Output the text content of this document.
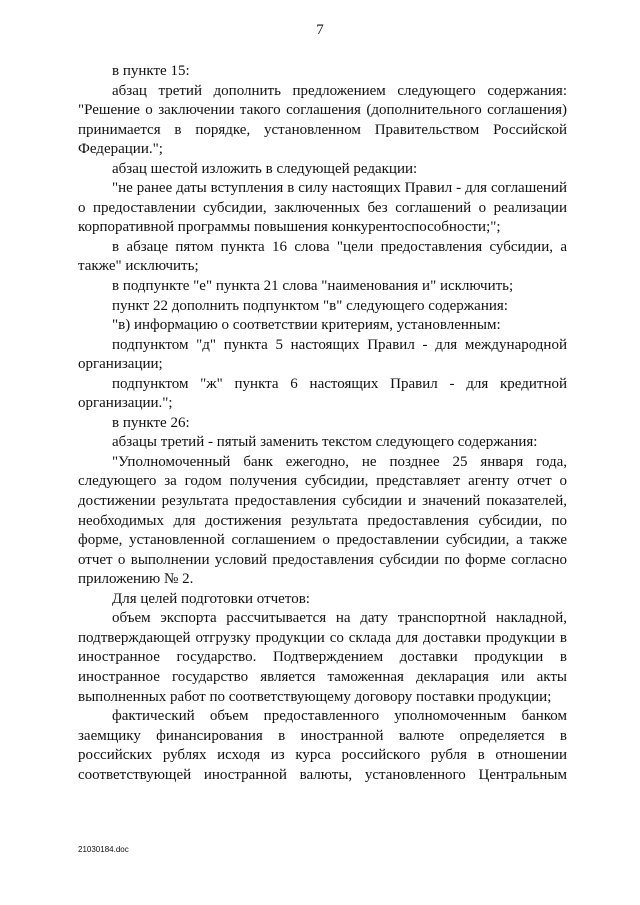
7

в пункте 15:

абзац третий дополнить предложением следующего содержания: "Решение о заключении такого соглашения (дополнительного соглашения) принимается в порядке, установленном Правительством Российской Федерации.";

абзац шестой изложить в следующей редакции:

"не ранее даты вступления в силу настоящих Правил - для соглашений о предоставлении субсидии, заключенных без соглашений о реализации корпоративной программы повышения конкурентоспособности;";

в абзаце пятом пункта 16 слова "цели предоставления субсидии, а также" исключить;

в подпункте "е" пункта 21 слова "наименования и" исключить;

пункт 22 дополнить подпунктом "в" следующего содержания:

"в) информацию о соответствии критериям, установленным:

подпунктом "д" пункта 5 настоящих Правил - для международной организации;

подпунктом "ж" пункта 6 настоящих Правил - для кредитной организации.";

в пункте 26:

абзацы третий - пятый заменить текстом следующего содержания:

"Уполномоченный банк ежегодно, не позднее 25 января года, следующего за годом получения субсидии, представляет агенту отчет о достижении результата предоставления субсидии и значений показателей, необходимых для достижения результата предоставления субсидии, по форме, установленной соглашением о предоставлении субсидии, а также отчет о выполнении условий предоставления субсидии по форме согласно приложению № 2.

Для целей подготовки отчетов:

объем экспорта рассчитывается на дату транспортной накладной, подтверждающей отгрузку продукции со склада для доставки продукции в иностранное государство. Подтверждением доставки продукции в иностранное государство является таможенная декларация или акты выполненных работ по соответствующему договору поставки продукции;

фактический объем предоставленного уполномоченным банком заемщику финансирования в иностранной валюте определяется в российских рублях исходя из курса российского рубля в отношении соответствующей иностранной валюты, установленного Центральным

21030184.doc
